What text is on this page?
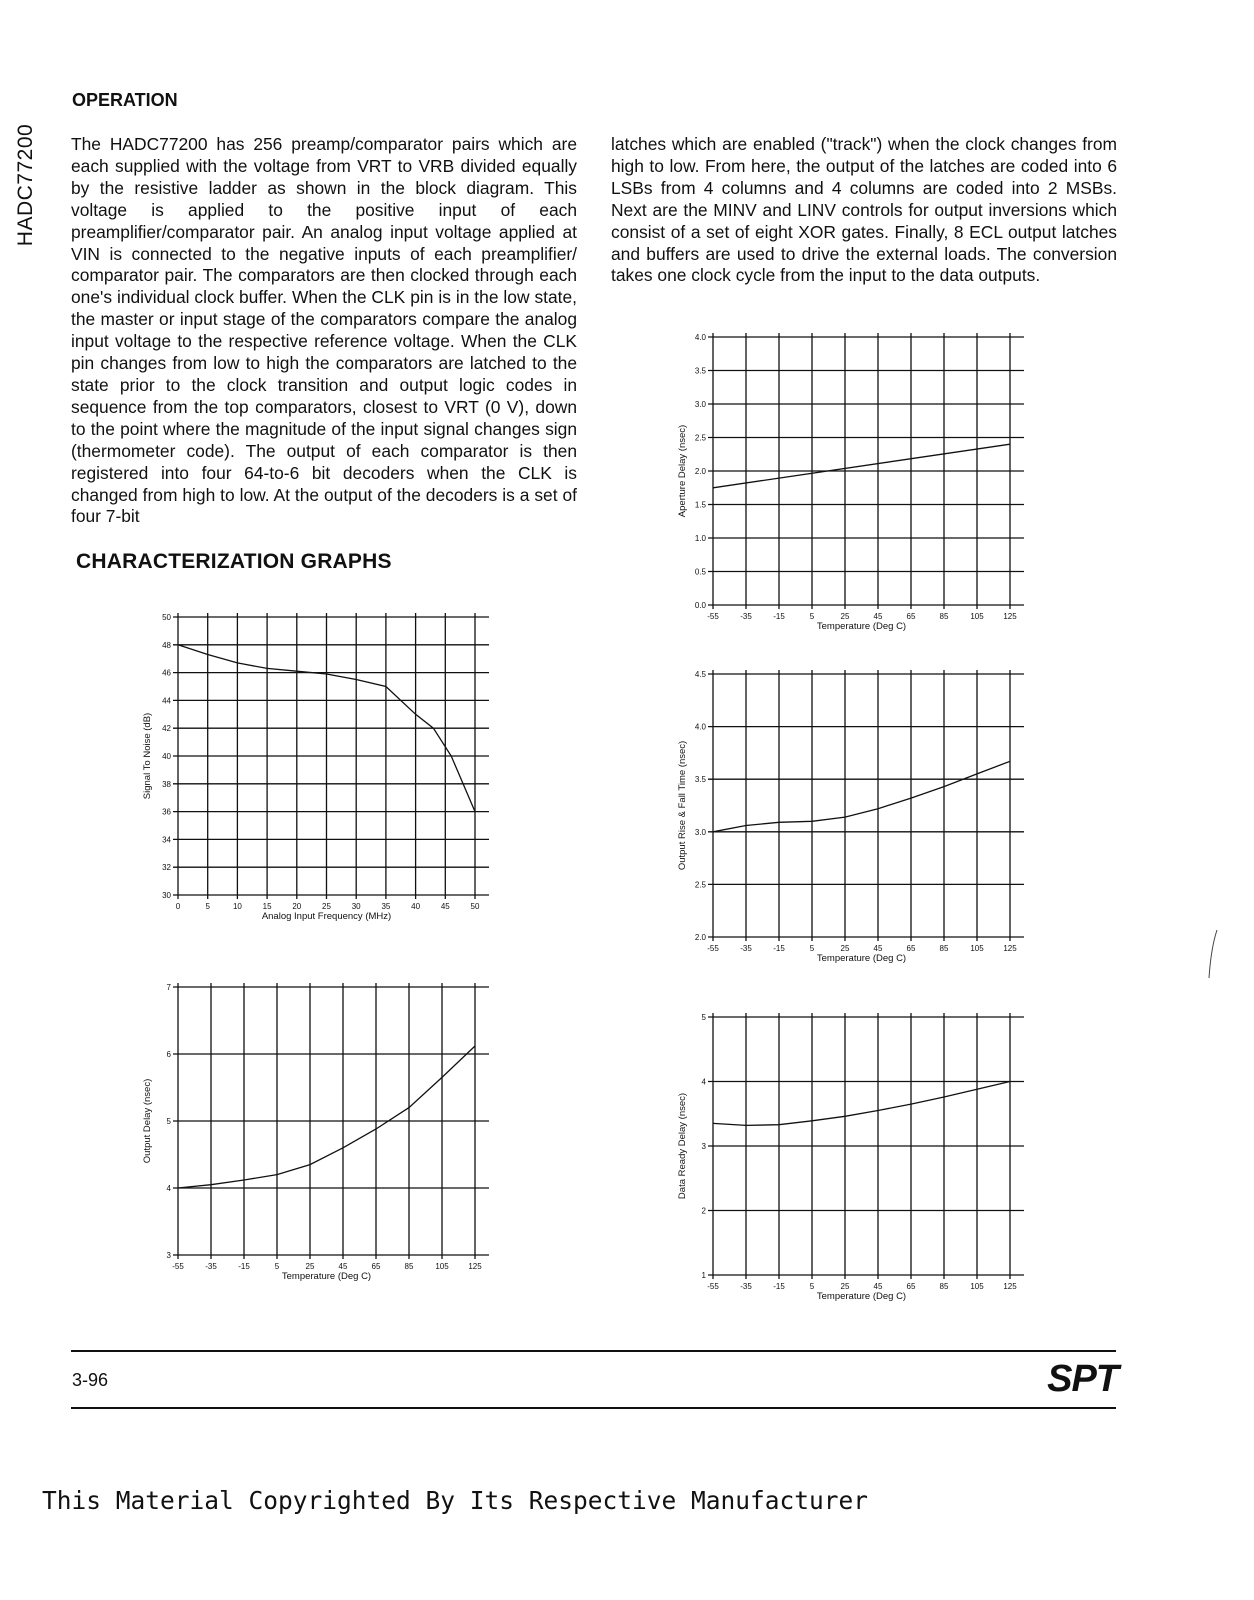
HADC77200
OPERATION
The HADC77200 has 256 preamp/comparator pairs which are each supplied with the voltage from VRT to VRB divided equally by the resistive ladder as shown in the block diagram. This voltage is applied to the positive input of each preamplifier/comparator pair. An analog input voltage applied at VIN is connected to the negative inputs of each preamplifier/ comparator pair. The comparators are then clocked through each one's individual clock buffer. When the CLK pin is in the low state, the master or input stage of the comparators compare the analog input voltage to the respective reference voltage. When the CLK pin changes from low to high the comparators are latched to the state prior to the clock transition and output logic codes in sequence from the top comparators, closest to VRT (0 V), down to the point where the magnitude of the input signal changes sign (thermometer code). The output of each comparator is then registered into four 64-to-6 bit decoders when the CLK is changed from high to low. At the output of the decoders is a set of four 7-bit
latches which are enabled ("track") when the clock changes from high to low. From here, the output of the latches are coded into 6 LSBs from 4 columns and 4 columns are coded into 2 MSBs. Next are the MINV and LINV controls for output inversions which consist of a set of eight XOR gates. Finally, 8 ECL output latches and buffers are used to drive the external loads. The conversion takes one clock cycle from the input to the data outputs.
CHARACTERIZATION GRAPHS
0	5	10	15	20	25	30	35	40	45	50
30
32
34
36
38
40
42
44
46
48
50
Analog Input Frequency (MHz)
Signal To Noise (dB)
-55	-35	-15	5	25	45	65	85	105 125
3
4
5
6
7
Temperature (Deg C)
Output Delay (nsec)
-55	-35	-15	5	25	45	65	85	105 125
0.0
0.5
1.0
1.5
2.0
2.5
3.0
3.5
4.0
Temperature (Deg C)
Aperture Delay (nsec)
-55	-35	-15	5	25	45	65	85	105 125
2.0
2.5
3.0
3.5
4.0
4.5
Temperature (Deg C)
Output Rise & Fall Time (nsec)
-55	-35	-15	5	25	45	65	85	105 125
1
2
3
4
5
Temperature (Deg C)
Data Ready Delay (nsec)
3-96	SPT
This Material Copyrighted By Its Respective Manufacturer
